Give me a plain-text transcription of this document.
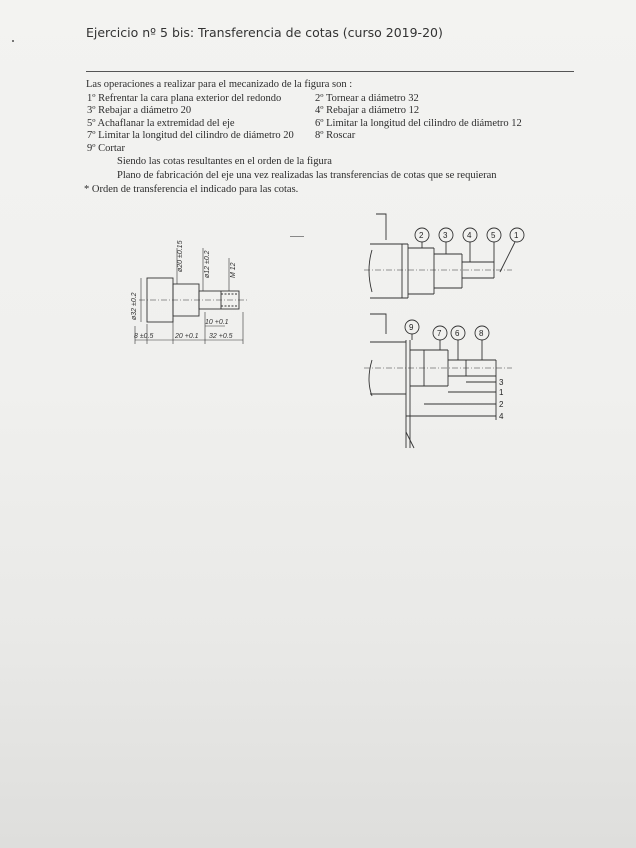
Ejercicio nº 5 bis: Transferencia de cotas (curso 2019-20)
Las operaciones a realizar para el mecanizado de la figura son :
1º Refrentar la cara plana exterior del redondo	2º Tornear a diámetro 32
3º Rebajar a diámetro 20	4º Rebajar a diámetro 12
5º Achaflanar la extremidad del eje	6º Limitar la longitud del cilindro de diámetro 12
7º Limitar la longitud del cilindro de diámetro 20 8º Roscar
9º Cortar
Siendo las cotas resultantes en el orden de la figura
Plano de fabricación del eje una vez realizadas las transferencias de cotas que se requieran
* Orden de transferencia el indicado para las cotas.
ø32 ±0.2
ø20 ±0.15	ø12 ±0.2	M 12
8 ±0.5	20 +0.1 32 +0.5
10 +0.1
2 3 4 5 1
9
7 6 8
3
1
2
4
